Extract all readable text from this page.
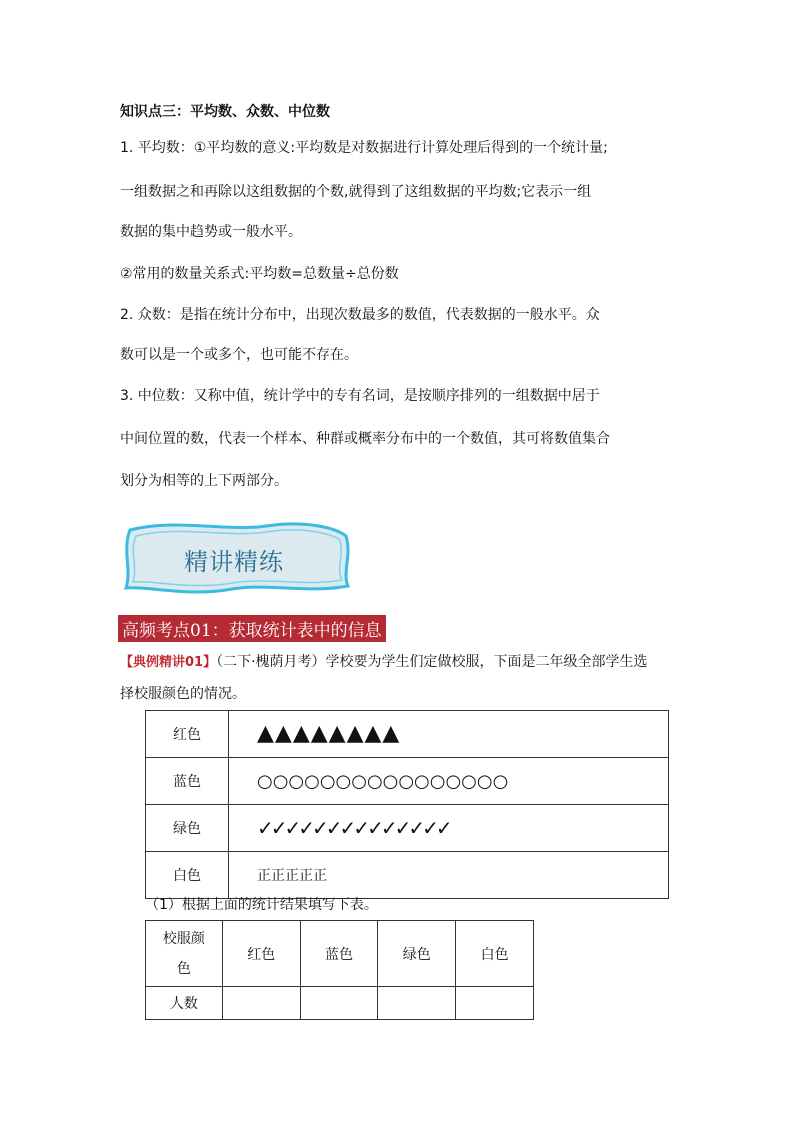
知识点三：平均数、众数、中位数
1. 平均数：①平均数的意义:平均数是对数据进行计算处理后得到的一个统计量;
一组数据之和再除以这组数据的个数,就得到了这组数据的平均数;它表示一组
数据的集中趋势或一般水平。
②常用的数量关系式:平均数=总数量÷总份数
2. 众数：是指在统计分布中，出现次数最多的数值，代表数据的一般水平。众
数可以是一个或多个，也可能不存在。
3. 中位数：又称中值，统计学中的专有名词，是按顺序排列的一组数据中居于
中间位置的数，代表一个样本、种群或概率分布中的一个数值，其可将数值集合
划分为相等的上下两部分。
精讲精练
高频考点01：获取统计表中的信息
【典例精讲01】（二下·槐荫月考）学校要为学生们定做校服，下面是二年级全部学生选
择校服颜色的情况。
红色	▲▲▲▲▲▲▲▲
蓝色	○○○○○○○○○○○○○○○○
绿色	✓✓✓✓✓✓✓✓✓✓✓✓✓✓
白色	正正正正正
（1）根据上面的统计结果填写下表。
校服颜
色	红色	蓝色	绿色	白色
人数				
